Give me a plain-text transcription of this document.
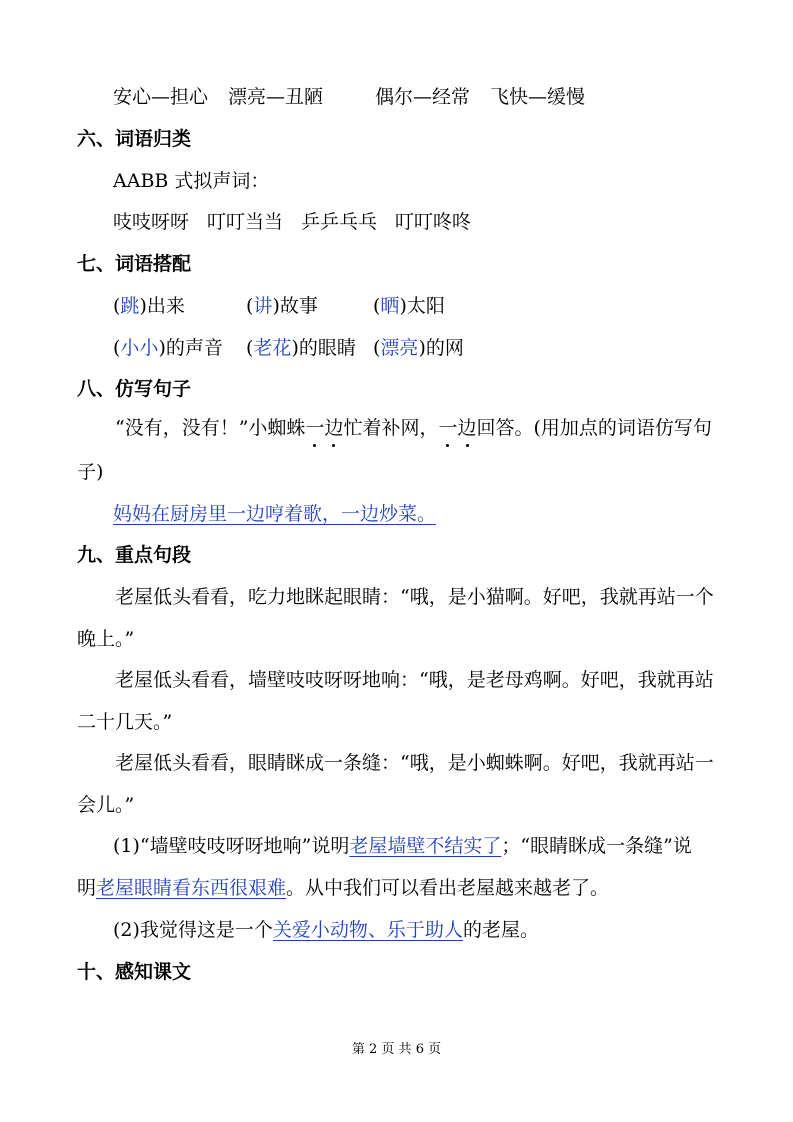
安心—担心 漂亮—丑陋	偶尔—经常 飞快—缓慢
六、词语归类
AABB 式拟声词：
吱吱呀呀 叮叮当当 乒乒乓乓 叮叮咚咚
七、词语搭配
(跳)出来	(讲)故事	(晒)太阳
(小小)的声音 (老花)的眼睛 (漂亮)的网
八、仿写句子
“没有，没有！”小蜘蛛一边忙着补网，一边回答。(用加点的词语仿写句
子)
妈妈在厨房里一边哼着歌，一边炒菜。
九、重点句段
老屋低头看看，吃力地眯起眼睛：“哦，是小猫啊。好吧，我就再站一个
晚上。”
老屋低头看看，墙壁吱吱呀呀地响：“哦，是老母鸡啊。好吧，我就再站
二十几天。”
老屋低头看看，眼睛眯成一条缝：“哦，是小蜘蛛啊。好吧，我就再站一
会儿。”
(1)“墙壁吱吱呀呀地响”说明老屋墙壁不结实了；“眼睛眯成一条缝”说
明老屋眼睛看东西很艰难。从中我们可以看出老屋越来越老了。
(2)我觉得这是一个关爱小动物、乐于助人的老屋。
十、感知课文
第 2 页 共 6 页
